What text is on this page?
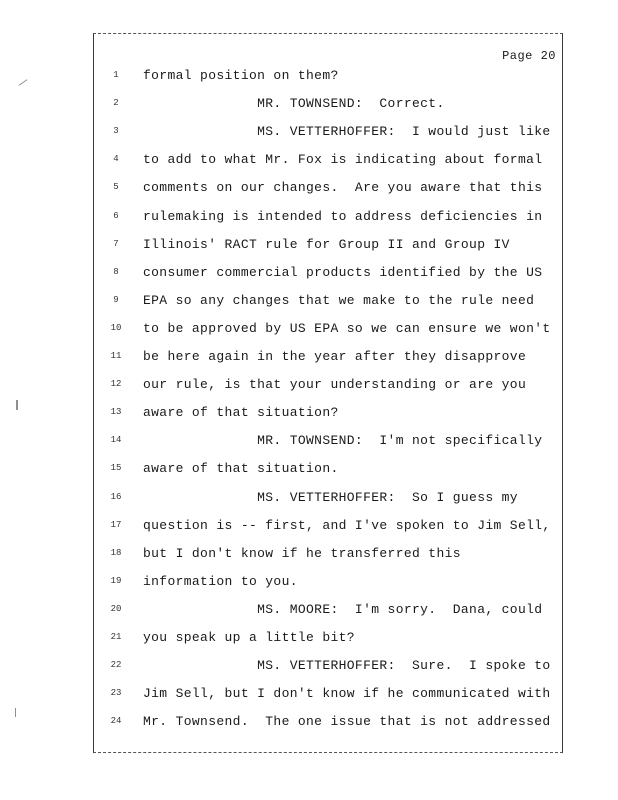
Page 20
1	formal position on them?
2	MR. TOWNSEND:  Correct.
3	MS. VETTERHOFFER:  I would just like
4	to add to what Mr. Fox is indicating about formal
5	comments on our changes.  Are you aware that this
6	rulemaking is intended to address deficiencies in
7	Illinois' RACT rule for Group II and Group IV
8	consumer commercial products identified by the US
9	EPA so any changes that we make to the rule need
10	to be approved by US EPA so we can ensure we won't
11	be here again in the year after they disapprove
12	our rule, is that your understanding or are you
13	aware of that situation?
14	MR. TOWNSEND:  I'm not specifically
15	aware of that situation.
16	MS. VETTERHOFFER:  So I guess my
17	question is -- first, and I've spoken to Jim Sell,
18	but I don't know if he transferred this
19	information to you.
20	MS. MOORE:  I'm sorry.  Dana, could
21	you speak up a little bit?
22	MS. VETTERHOFFER:  Sure.  I spoke to
23	Jim Sell, but I don't know if he communicated with
24	Mr. Townsend.  The one issue that is not addressed
